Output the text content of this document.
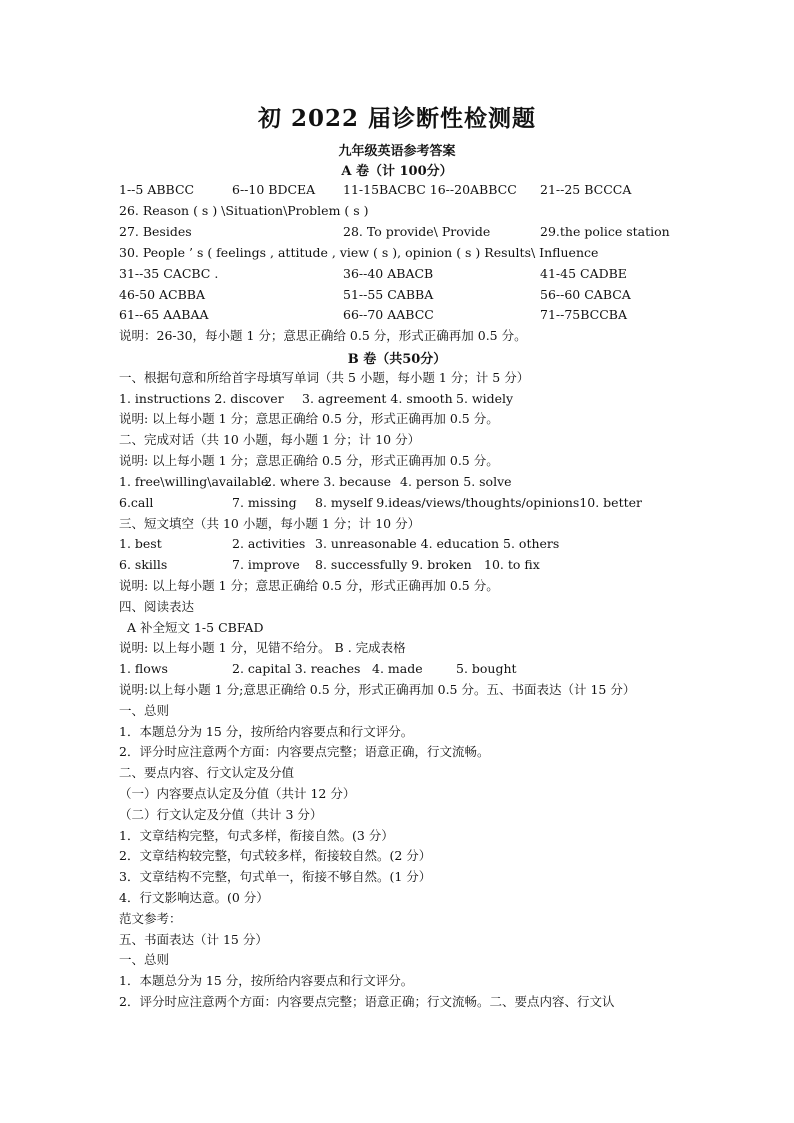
初 2022 届诊断性检测题
九年级英语参考答案
A 卷（计 100分）
1--5 ABBCC	6--10 BDCEA 11-15BACBC 16--20ABBCC 21--25 BCCCA
26. Reason ( s ) \Situation\Problem ( s )
27. Besides	28. To provide\ Provide	29.the police station
30. People ’ s ( feelings , attitude , view ( s ), opinion ( s ) Results\ Influence
31--35 CACBC .	36--40 ABACB	41-45 CADBE
46-50 ACBBA	51--55 CABBA	56--60 CABCA
61--65 AABAA	66--70 AABCC	71--75BCCBA
说明：26-30，每小题 1 分；意思正确给 0.5 分，形式正确再加 0.5 分。
B 卷（共50分）
一、根据句意和所给首字母填写单词（共 5 小题，每小题 1 分；计 5 分）
1. instructions 2. discover 3. agreement 4. smooth 5. widely
说明: 以上每小题 1 分；意思正确给 0.5 分，形式正确再加 0.5 分。
二、完成对话（共 10 小题，每小题 1 分；计 10 分）
说明: 以上每小题 1 分；意思正确给 0.5 分，形式正确再加 0.5 分。
1. free\willing\available
2. where 3. because 4. person 5. solve
6.call	7. missing 8. myself 9.ideas/views/thoughts/opinions10. better
三、短文填空（共 10 小题，每小题 1 分；计 10 分）
1. best	2. activities 3. unreasonable 4. education 5. others
6. skills	7. improve 8. successfully 9. broken 10. to fix
说明: 以上每小题 1 分；意思正确给 0.5 分，形式正确再加 0.5 分。
四、阅读表达
A 补全短文 1-5 CBFAD
说明: 以上每小题 1 分，见错不给分。 B . 完成表格
1. flows	2. capital 3. reaches 4. made	5. bought
说明:以上每小题 1 分;意思正确给 0.5 分，形式正确再加 0.5 分。五、书面表达（计 15 分）
一、总则
1．本题总分为 15 分，按所给内容要点和行文评分。
2．评分时应注意两个方面：内容要点完整；语意正确，行文流畅。
二、要点内容、行文认定及分值
（一）内容要点认定及分值（共计 12 分）
（二）行文认定及分值（共计 3 分）
1．文章结构完整，句式多样，衔接自然。(3 分）
2．文章结构较完整，句式较多样，衔接较自然。(2 分）
3．文章结构不完整，句式单一，衔接不够自然。(1 分）
4．行文影响达意。(0 分）
范文参考：
五、书面表达（计 15 分）
一、总则
1．本题总分为 15 分，按所给内容要点和行文评分。
2．评分时应注意两个方面：内容要点完整；语意正确；行文流畅。二、要点内容、行文认
